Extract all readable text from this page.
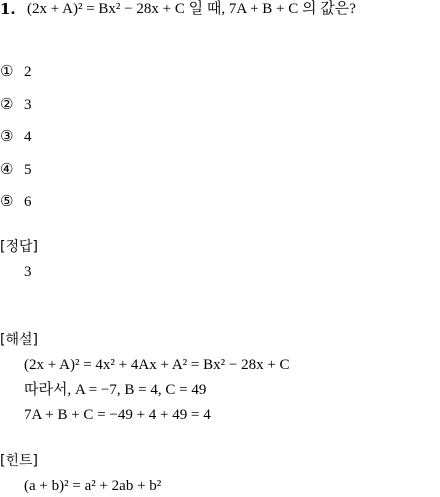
1. (2x + A)² = Bx² − 28x + C 일 때, 7A + B + C 의 값은?
① 2
② 3
③ 4
④ 5
⑤ 6
[정답]
3
[해설]
(2x + A)² = 4x² + 4Ax + A² = Bx² − 28x + C
따라서, A = −7, B = 4, C = 49
7A + B + C = −49 + 4 + 49 = 4
[힌트]
(a + b)² = a² + 2ab + b²
